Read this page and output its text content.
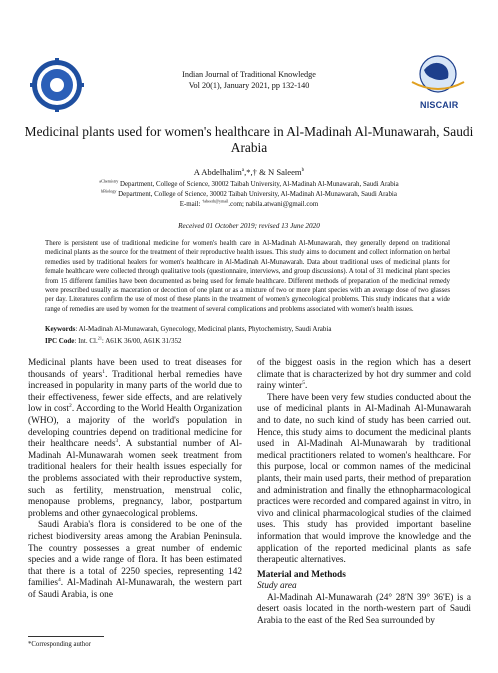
NISCAIR
Indian Journal of Traditional Knowledge
Vol 20(1), January 2021, pp 132-140
Medicinal plants used for women's healthcare in Al-Madinah Al-Munawarah, Saudi Arabia
A Abdelhalim$^a$,*,† & N Saleem$^b$
$^{aChemistry}$ Department, College of Science, 30002 Taibah University, Al-Madinah Al-Munawarah, Saudi Arabia
$^{bBiology}$ Department, College of Science, 30002 Taibah University, Al-Madinah Al-Munawarah, Saudi Arabia
E-mail: $^{\dagger abeerh@ymail}$.com; nabila.atwani@gmail.com
Received 01 October 2019; revised 13 June 2020
There is persistent use of traditional medicine for women's health care in Al-Madinah Al-Munawarah, they generally depend on traditional medicinal plants as the source for the treatment of their reproductive health issues. This study aims to document and collect information on herbal remedies used by traditional healers for women's healthcare in Al-Madinah Al-Munawarah. Data about traditional uses of medicinal plants for female healthcare were collected through qualitative tools (questionnaire, interviews, and group discussions). A total of 31 medicinal plant species from 15 different families have been documented as being used for female healthcare. Different methods of preparation of the medicinal remedy were prescribed usually as maceration or decoction of one plant or as a mixture of two or more plant species with an average dose of two glasses per day. Literatures confirm the use of most of these plants in the treatment of women's gynecological problems. This study indicates that a wide range of remedies are used by women for the treatment of several complications and problems associated with women's health issues.
Keywords: Al-Madinah Al-Munawarah, Gynecology, Medicinal plants, Phytochemistry, Saudi Arabia
IPC Code: Int. Cl.$^{21}$: A61K 36/00, A61K 31/352

Medicinal plants have been used to treat diseases for thousands of years$^1$. Traditional herbal remedies have increased in popularity in many parts of the world due to their effectiveness, fewer side effects, and are relatively low in cost$^2$. According to the World Health Organization (WHO), a majority of the world's population in developing countries depend on traditional medicine for their healthcare needs$^3$. A substantial number of Al-Madinah Al-Munawarah women seek treatment from traditional healers for their health issues especially for the problems associated with their reproductive system, such as fertility, menstruation, menstrual colic, menopause problems, pregnancy, labor, postpartum problems and other gynaecological problems.

Saudi Arabia's flora is considered to be one of the richest biodiversity areas among the Arabian Peninsula. The country possesses a great number of endemic species and a wide range of flora. It has been estimated that there is a total of 2250 species, representing 142 families$^4$. Al-Madinah Al-Munawarah, the western part of Saudi Arabia, is one

of the biggest oasis in the region which has a desert climate that is characterized by hot dry summer and cold rainy winter$^5$.

There have been very few studies conducted about the use of medicinal plants in Al-Madinah Al-Munawarah and to date, no such kind of study has been carried out. Hence, this study aims to document the medicinal plants used in Al-Madinah Al-Munawarah by traditional medical practitioners related to women's healthcare. For this purpose, local or common names of the medicinal plants, their main used parts, their method of preparation and administration and finally the ethnopharmacological practices were recorded and compared against in vitro, in vivo and clinical pharmacological studies of the claimed uses. This study has provided important baseline information that would improve the knowledge and the application of the reported medicinal plants as safe therapeutic alternatives.

Material and Methods

Study area

Al-Madinah Al-Munawarah (24° 28'N 39° 36'E) is a desert oasis located in the north-western part of Saudi Arabia to the east of the Red Sea surrounded by

*Corresponding author
